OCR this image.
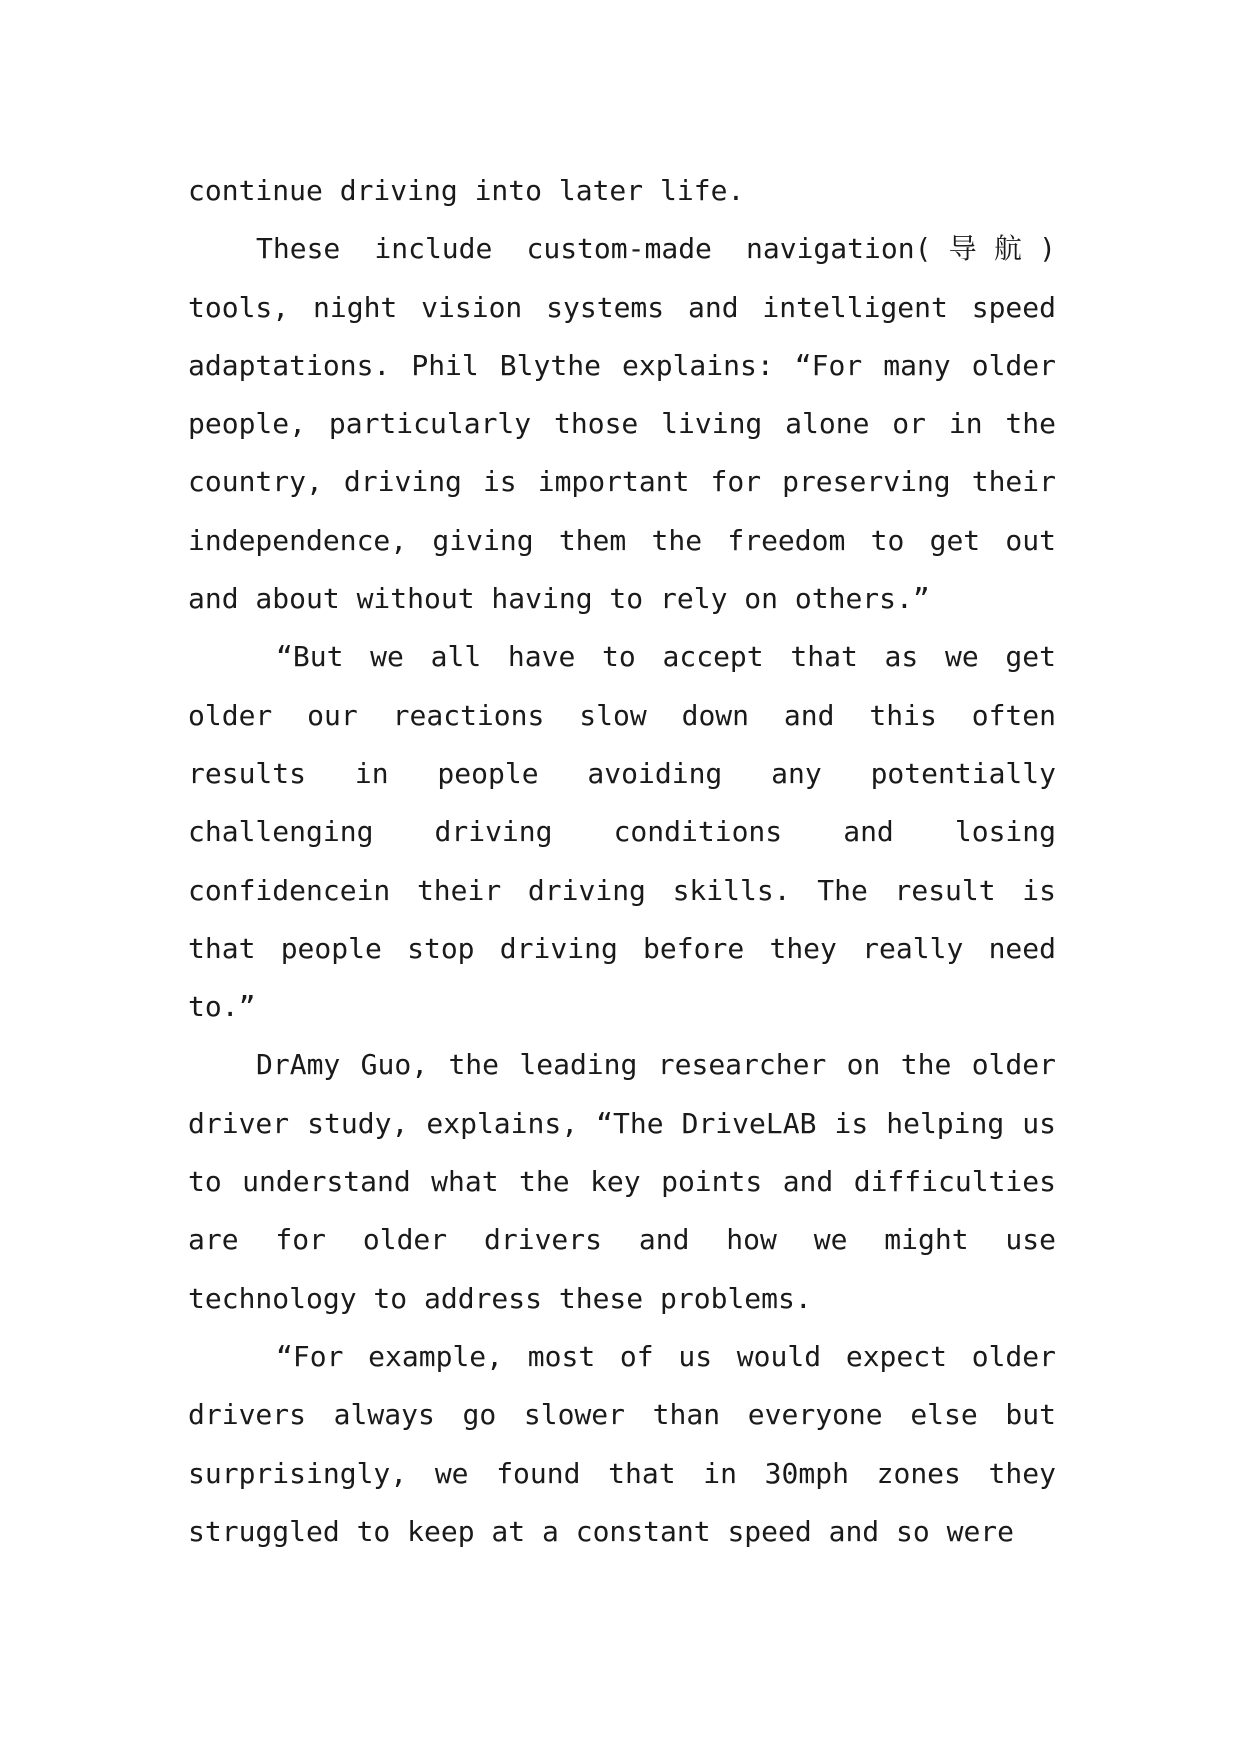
continue driving into later life.

These include custom-made navigation(导航) tools, night vision systems and intelligent speed adaptations. Phil Blythe explains: “For many older people, particularly those living alone or in the country, driving is important for preserving their independence, giving them the freedom to get out and about without having to rely on others.”

“But we all have to accept that as we get older our reactions slow down and this often results in people avoiding any potentially challenging driving conditions and losing confidencein their driving skills. The result is that people stop driving before they really need to.”

DrAmy Guo, the leading researcher on the older driver study, explains, “The DriveLAB is helping us to understand what the key points and difficulties are for older drivers and how we might use technology to address these problems.

“For example, most of us would expect older drivers always go slower than everyone else but surprisingly, we found that in 30mph zones they struggled to keep at a constant speed and so were
